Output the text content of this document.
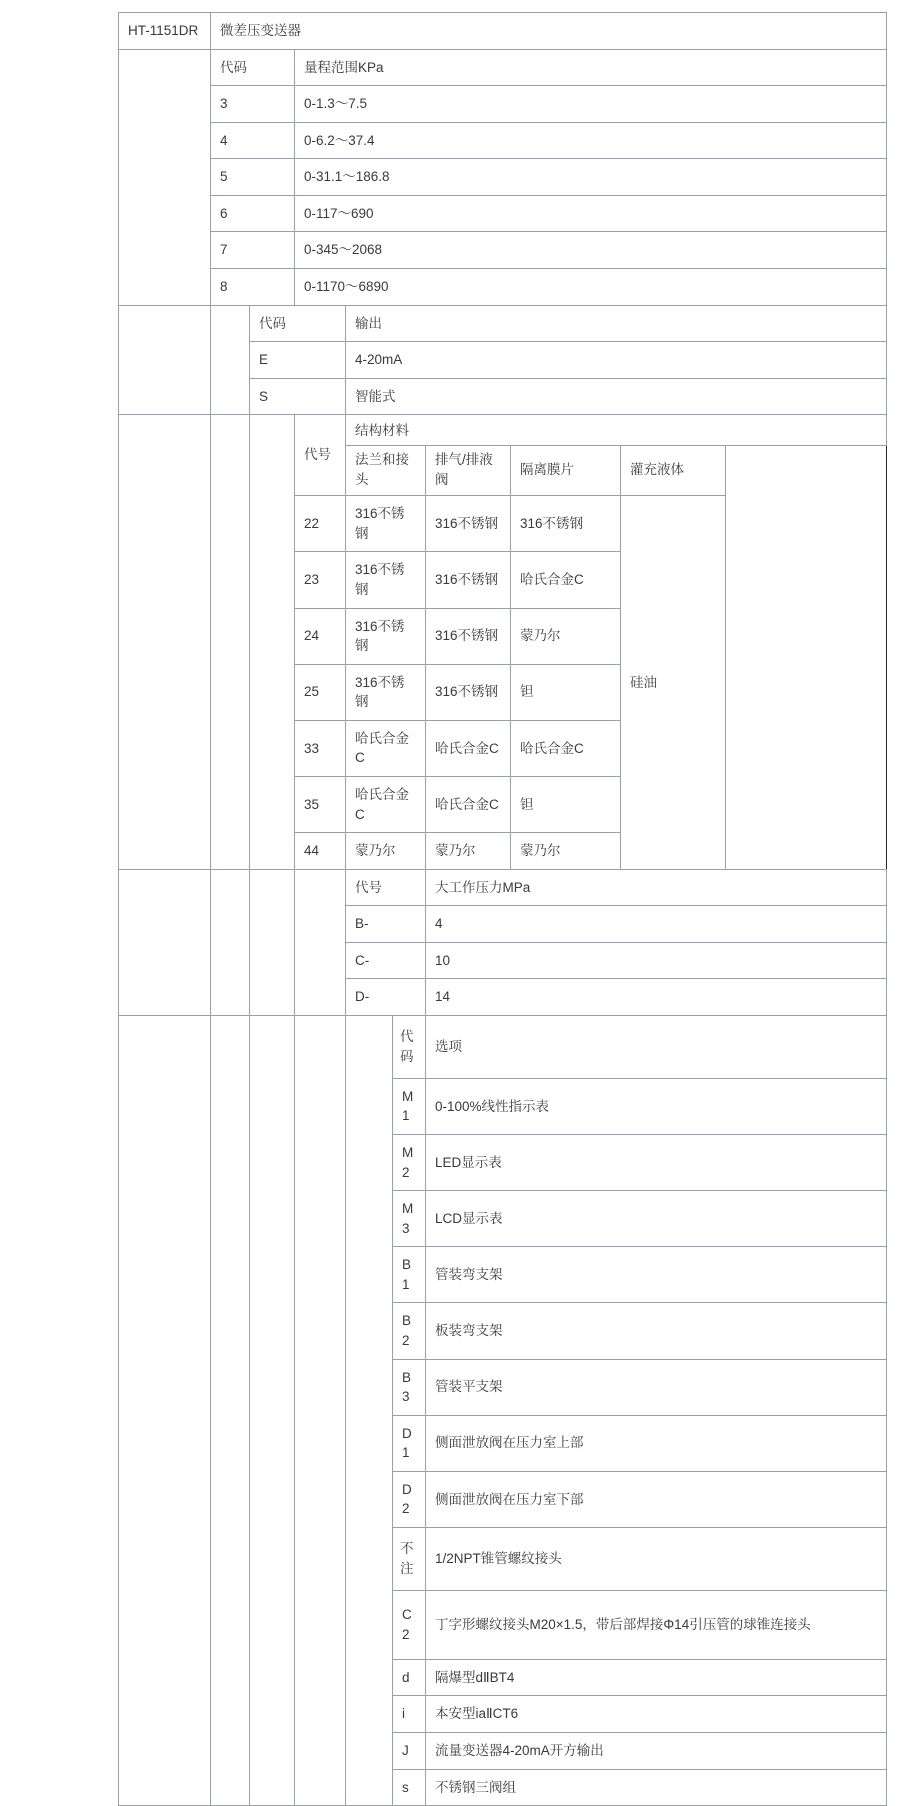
HT-1151DR	微差压变送器							
	代码		量程范围KPa					
	3		0-1.3～7.5					
	4		0-6.2～37.4					
	5		0-31.1～186.8					
	6		0-117～690					
	7		0-345～2068					
	8		0-1170～6890					
		代码		输出				
		E		4-20mA				
		S		智能式				
			代号	结构材料				
				法兰和接头		排气/排液阀	隔离膜片	灌充液体
			22	316不锈钢		316不锈钢	316不锈钢	硅油
			23	316不锈钢		316不锈钢	哈氏合金C	
			24	316不锈钢		316不锈钢	蒙乃尔	
			25	316不锈钢		316不锈钢	钽	
			33	哈氏合金C		哈氏合金C	哈氏合金C	
			35	哈氏合金C		哈氏合金C	钽	
			44	蒙乃尔		蒙乃尔	蒙乃尔	
				代号		大工作压力MPa		
				B-		4		
				C-		10		
				D-		14		
					代码	选项		
					M1	0-100%线性指示表		
					M2	LED显示表		
					M3	LCD显示表		
					B1	管装弯支架		
					B2	板装弯支架		
					B3	管装平支架		
					D1	侧面泄放阀在压力室上部		
					D2	侧面泄放阀在压力室下部		
					不注	1/2NPT锥管螺纹接头		
					C2	丁字形螺纹接头M20×1.5，带后部焊接Φ14引压管的球锥连接头		
					d	隔爆型dⅡBT4		
					i	本安型iaⅡCT6		
					J	流量变送器4-20mA开方输出		
					s	不锈钢三阀组		
